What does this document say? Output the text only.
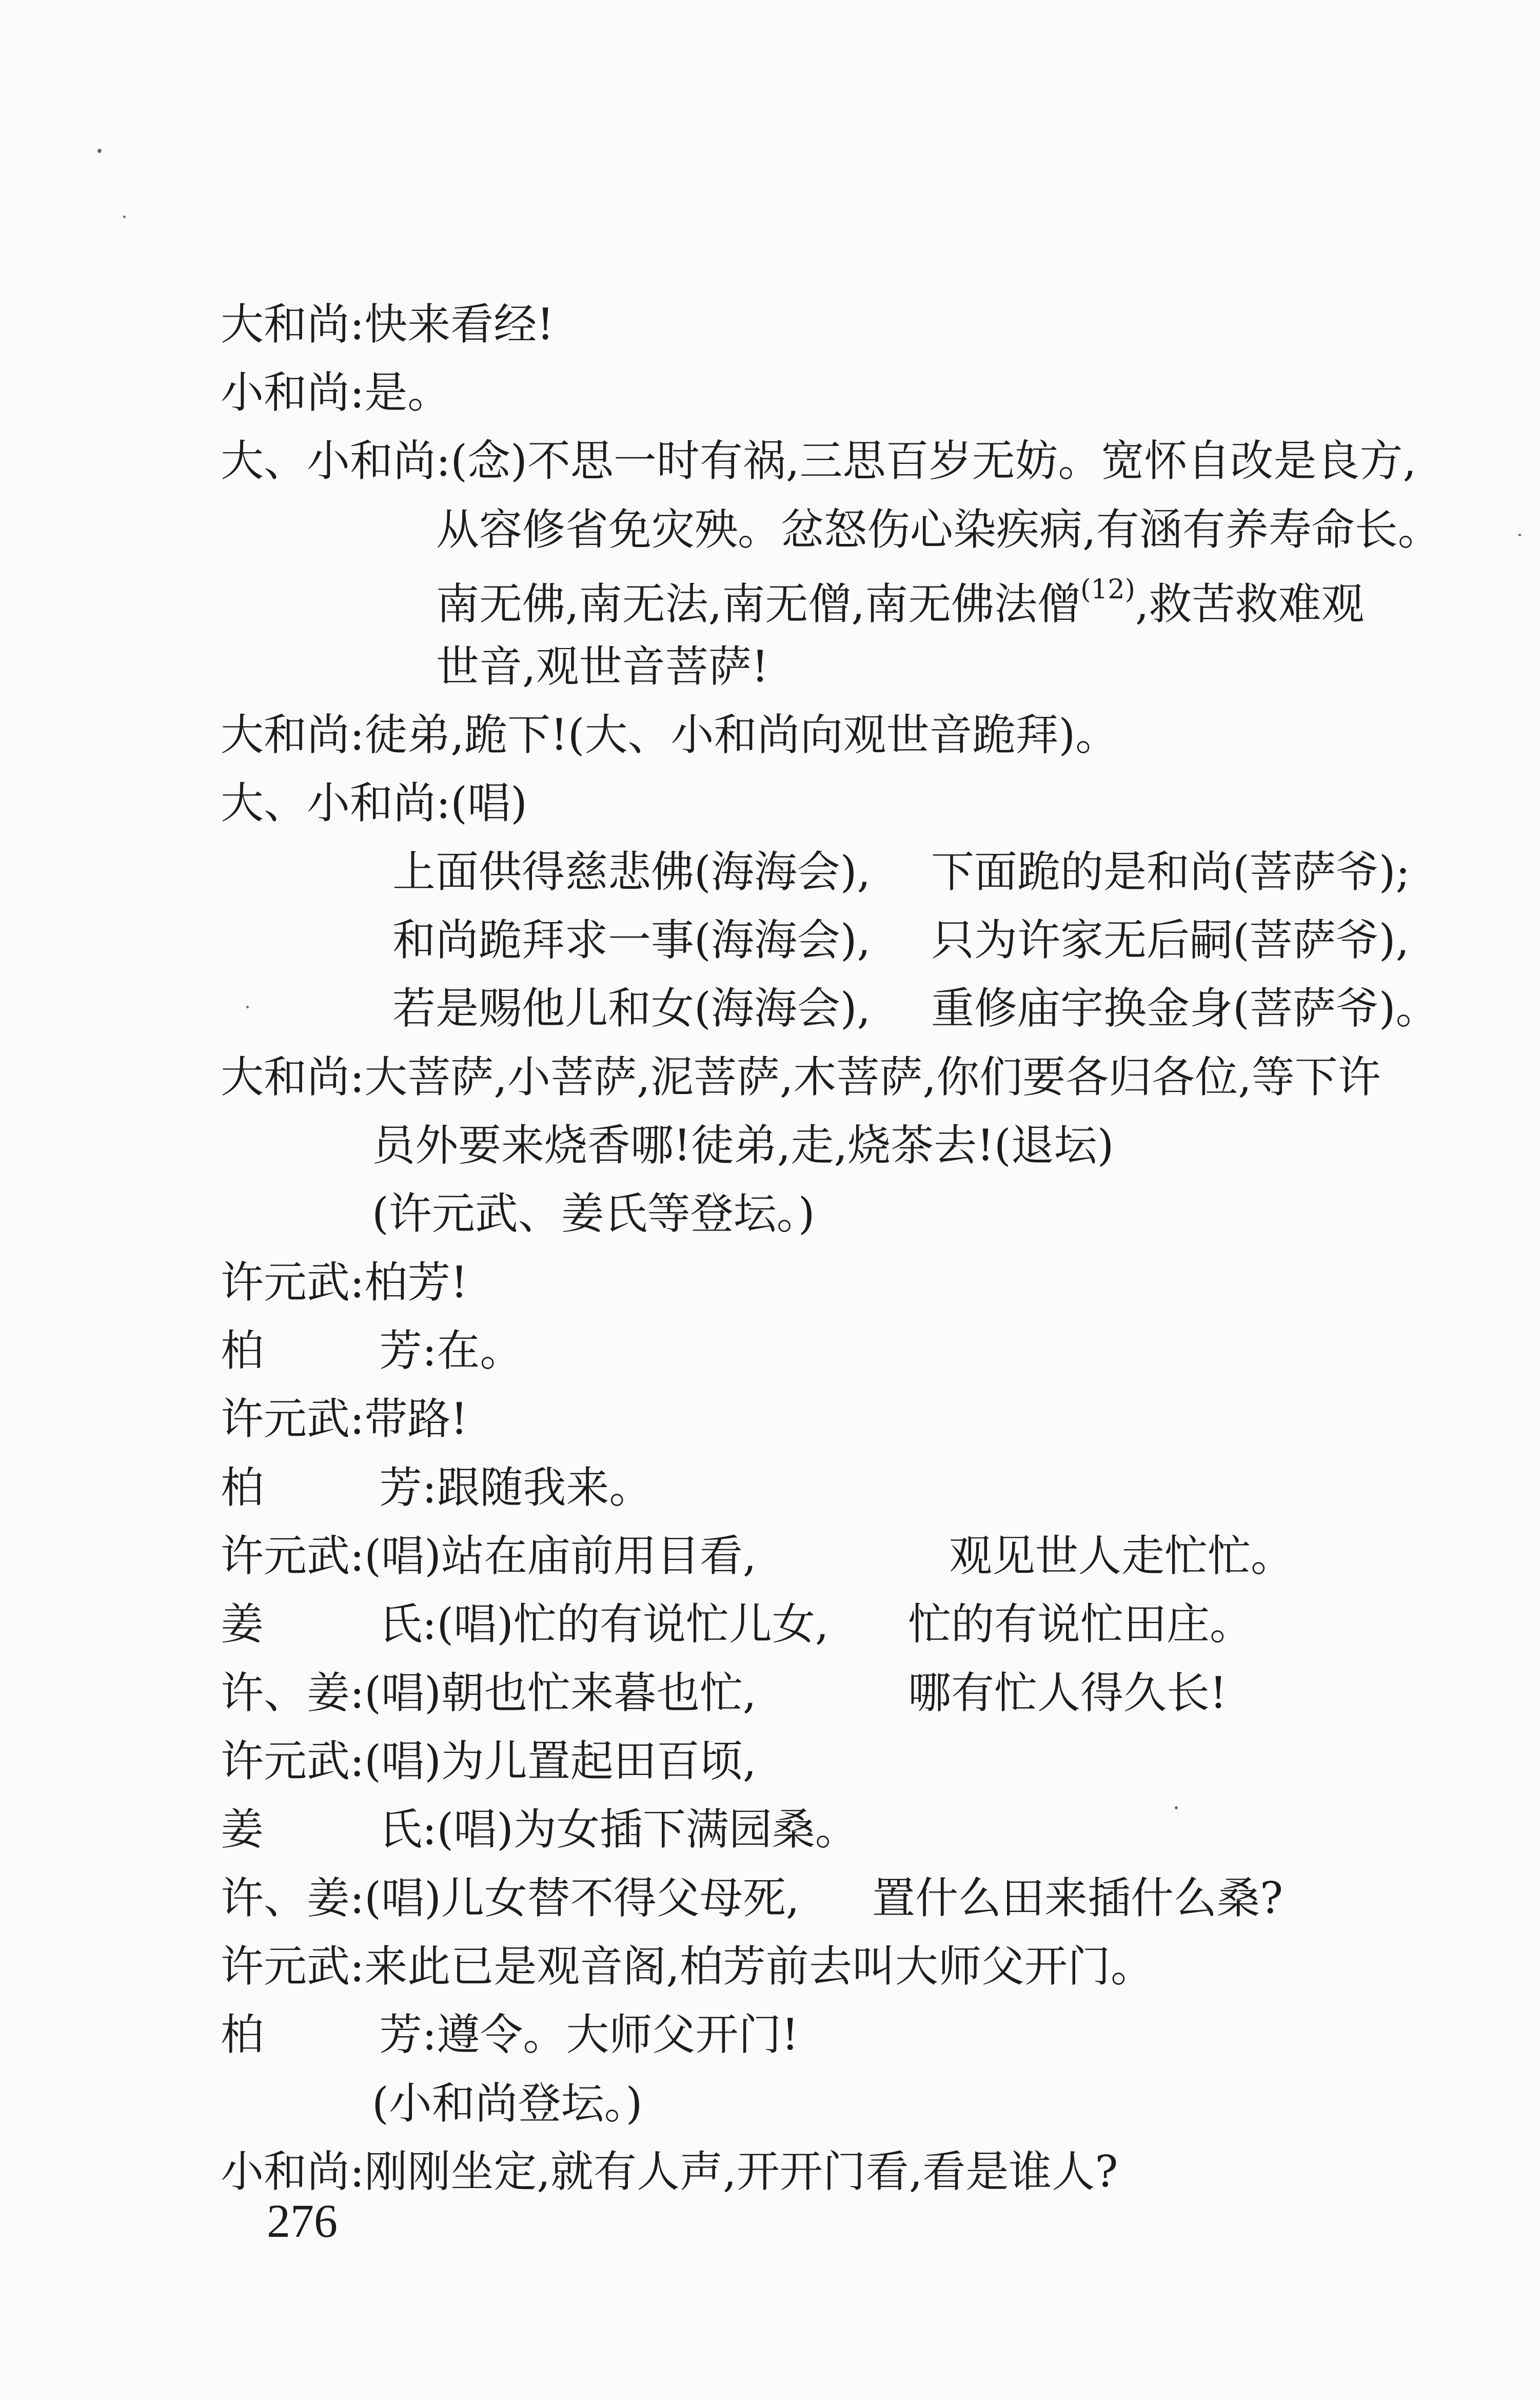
大和尚:快来看经!
小和尚:是。
大、小和尚:(念)不思一时有祸,三思百岁无妨。宽怀自改是良方,
从容修省免灾殃。忿怒伤心染疾病,有涵有养寿命长。
南无佛,南无法,南无僧,南无佛法僧$^{(12)}$,救苦救难观
世音,观世音菩萨!
大和尚:徒弟,跪下!(大、小和尚向观世音跪拜)。
大、小和尚:(唱)
上面供得慈悲佛(海海会), 下面跪的是和尚(菩萨爷);
和尚跪拜求一事(海海会), 只为许家无后嗣(菩萨爷),
若是赐他儿和女(海海会), 重修庙宇换金身(菩萨爷)。
大和尚:大菩萨,小菩萨,泥菩萨,木菩萨,你们要各归各位,等下许
员外要来烧香哪!徒弟,走,烧茶去!(退坛)
(许元武、姜氏等登坛。)
许元武:柏芳!
柏	芳:在。
许元武:带路!
柏	芳:跟随我来。
许元武:(唱)站在庙前用目看,	观见世人走忙忙。
姜	氏:(唱)忙的有说忙儿女, 忙的有说忙田庄。
许、姜:(唱)朝也忙来暮也忙,	哪有忙人得久长!
许元武:(唱)为儿置起田百顷,
姜	氏:(唱)为女插下满园桑。
许、姜:(唱)儿女替不得父母死, 置什么田来插什么桑?
许元武:来此已是观音阁,柏芳前去叫大师父开门。
柏	芳:遵令。大师父开门!
(小和尚登坛。)
小和尚:刚刚坐定,就有人声,开开门看,看是谁人?
276
